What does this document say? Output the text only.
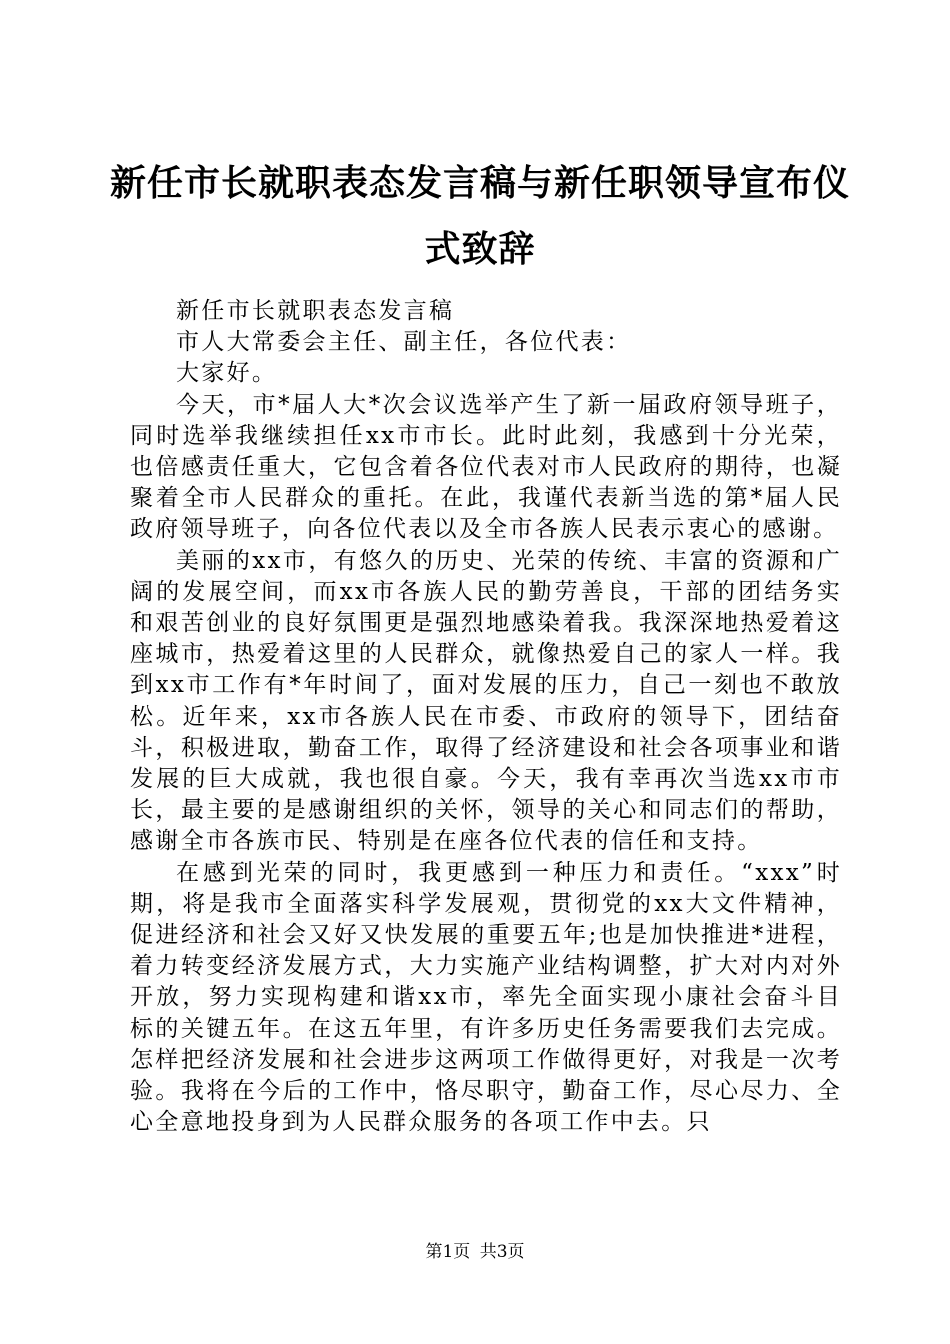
新任市长就职表态发言稿与新任职领导宣布仪式致辞

新任市长就职表态发言稿

市人大常委会主任、副主任，各位代表：

大家好。

今天，市*届人大*次会议选举产生了新一届政府领导班子，同时选举我继续担任xx市市长。此时此刻，我感到十分光荣，也倍感责任重大，它包含着各位代表对市人民政府的期待，也凝聚着全市人民群众的重托。在此，我谨代表新当选的第*届人民政府领导班子，向各位代表以及全市各族人民表示衷心的感谢。

美丽的xx市，有悠久的历史、光荣的传统、丰富的资源和广阔的发展空间，而xx市各族人民的勤劳善良，干部的团结务实和艰苦创业的良好氛围更是强烈地感染着我。我深深地热爱着这座城市，热爱着这里的人民群众，就像热爱自己的家人一样。我到xx市工作有*年时间了，面对发展的压力，自己一刻也不敢放松。近年来，xx市各族人民在市委、市政府的领导下，团结奋斗，积极进取，勤奋工作，取得了经济建设和社会各项事业和谐发展的巨大成就，我也很自豪。今天，我有幸再次当选xx市市长，最主要的是感谢组织的关怀，领导的关心和同志们的帮助，感谢全市各族市民、特别是在座各位代表的信任和支持。

在感到光荣的同时，我更感到一种压力和责任。“xxx”时期，将是我市全面落实科学发展观，贯彻党的xx大文件精神，促进经济和社会又好又快发展的重要五年;也是加快推进*进程，着力转变经济发展方式，大力实施产业结构调整，扩大对内对外开放，努力实现构建和谐xx市，率先全面实现小康社会奋斗目标的关键五年。在这五年里，有许多历史任务需要我们去完成。怎样把经济发展和社会进步这两项工作做得更好，对我是一次考验。我将在今后的工作中，恪尽职守，勤奋工作，尽心尽力、全心全意地投身到为人民群众服务的各项工作中去。只

第1页 共3页
